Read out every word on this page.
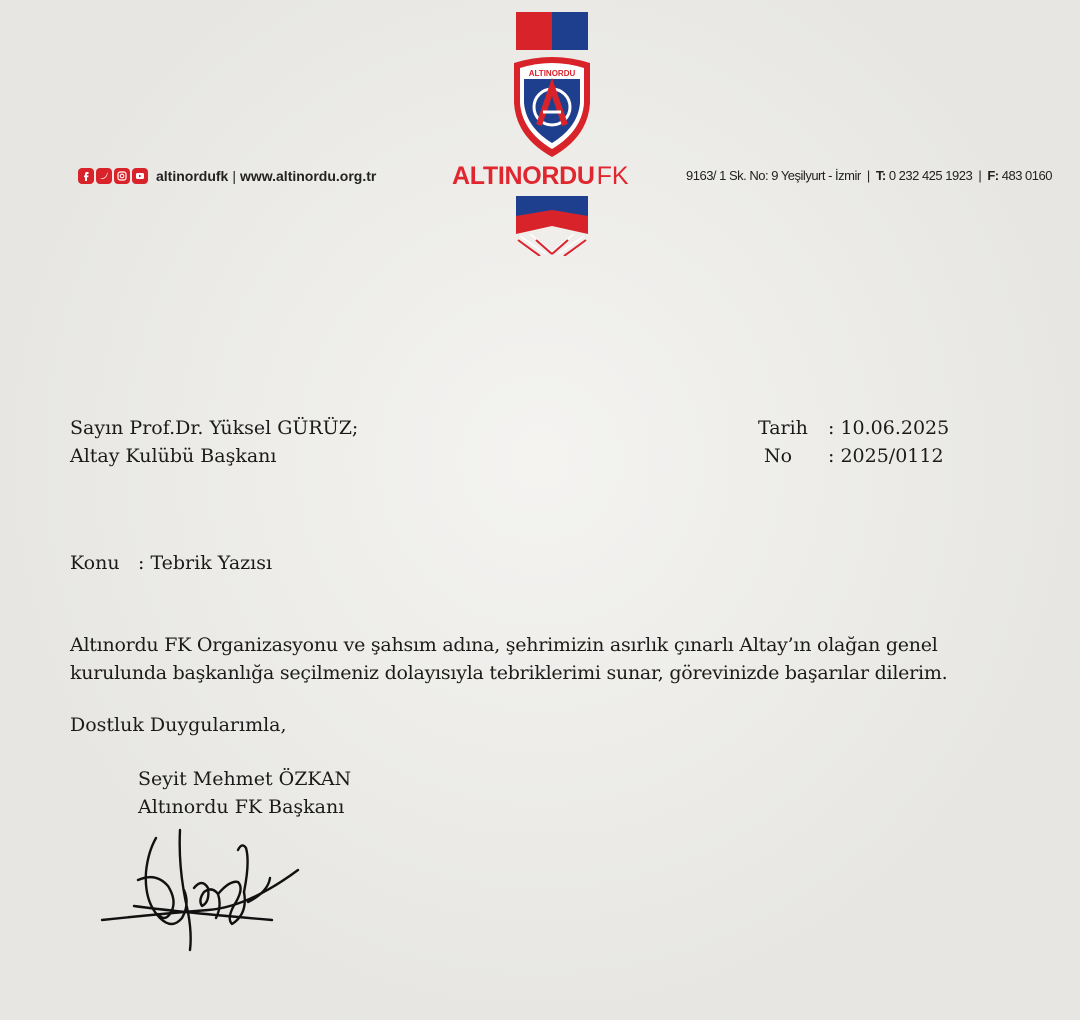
ALTINORDU
ALTINORDUFK
altinordufk | www.altinordu.org.tr	9163/ 1 Sk. No: 9 Yeşilyurt - İzmir | T: 0 232 425 1923 | F: 483 0160
Sayın Prof.Dr. Yüksel GÜRÜZ;
Altay Kulübü Başkanı
Tarih : 10.06.2025
No : 2025/0112
Konu : Tebrik Yazısı
Altınordu FK Organizasyonu ve şahsım adına, şehrimizin asırlık çınarlı Altay’ın olağan genel
kurulunda başkanlığa seçilmeniz dolayısıyla tebriklerimi sunar, görevinizde başarılar dilerim.
Dostluk Duygularımla,
Seyit Mehmet ÖZKAN
Altınordu FK Başkanı
